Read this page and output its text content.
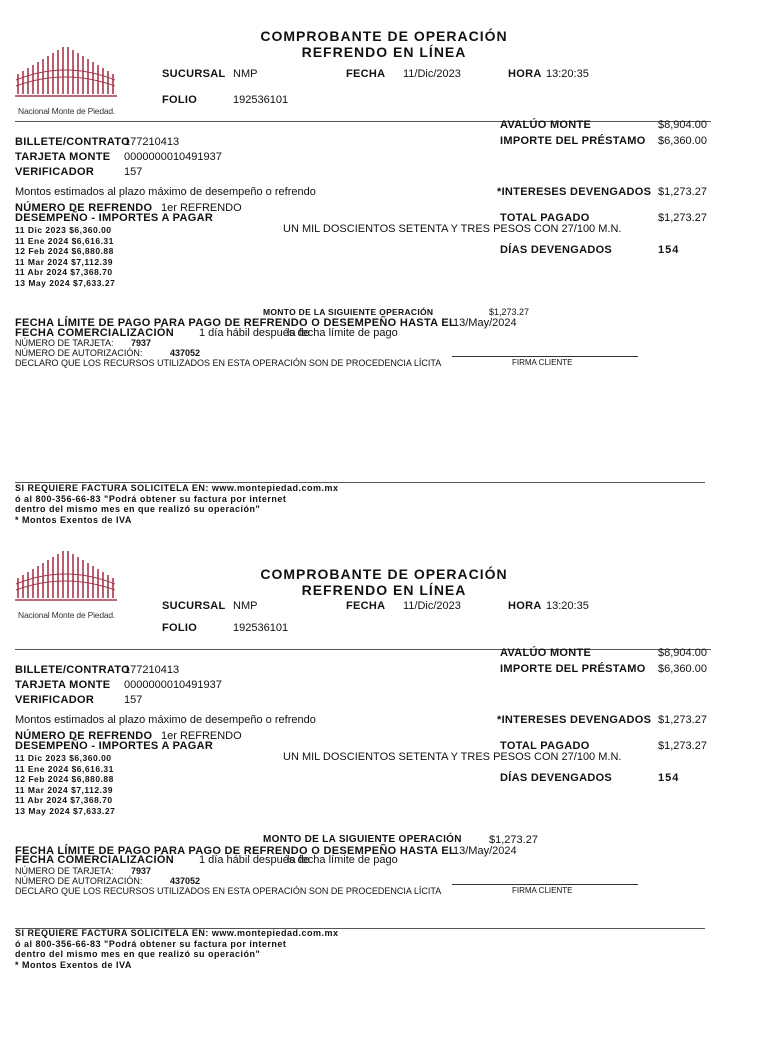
Nacional Monte de Piedad.
COMPROBANTE DE OPERACIÓN
REFRENDO EN LÍNEA
SUCURSAL NMP	FECHA 11/Dic/2023	HORA 13:20:35
FOLIO	192536101
AVALÚO MONTE	$8,904.00
IMPORTE DEL PRÉSTAMO $6,360.00
BILLETE/CONTRATO
177210413
TARJETA MONTE 0000000010491937
VERIFICADOR	157
Montos estimados al plazo máximo de desempeño o refrendo	*INTERESES DEVENGADOS $1,273.27
NÚMERO DE REFRENDO 1er REFRENDO
DESEMPEÑO - IMPORTES A PAGAR	TOTAL PAGADO	$1,273.27
UN MIL DOSCIENTOS SETENTA Y TRES PESOS CON 27/100 M.N.
11 Dic 2023 $6,360.00
11 Ene 2024 $6,616.31
12 Feb 2024 $6,880.88
11 Mar 2024 $7,112.39
11 Abr 2024 $7,368.70
13 May 2024 $7,633.27
DÍAS DEVENGADOS	154
MONTO DE LA SIGUIENTE OPERACIÓN	$1,273.27
FECHA LÍMITE DE PAGO PARA PAGO DE REFRENDO O DESEMPEÑO HASTA EL
13/May/2024
FECHA COMERCIALIZACIÓN 1 día hábil después de
la fecha límite de pago
NÚMERO DE TARJETA: 7937
NÚMERO DE AUTORIZACIÓN:	437052
DECLARO QUE LOS RECURSOS UTILIZADOS EN ESTA OPERACIÓN SON DE PROCEDENCIA LÍCITA	FIRMA CLIENTE
SI REQUIERE FACTURA SOLICITELA EN: www.montepiedad.com.mx
ó al 800-356-66-83 "Podrá obtener su factura por internet
dentro del mismo mes en que realizó su operación"
* Montos Exentos de IVA
Nacional Monte de Piedad.
COMPROBANTE DE OPERACIÓN
REFRENDO EN LÍNEA
SUCURSAL NMP	FECHA 11/Dic/2023	HORA 13:20:35
FOLIO	192536101
AVALÚO MONTE	$8,904.00
IMPORTE DEL PRÉSTAMO $6,360.00
BILLETE/CONTRATO
177210413
TARJETA MONTE 0000000010491937
VERIFICADOR	157
Montos estimados al plazo máximo de desempeño o refrendo	*INTERESES DEVENGADOS $1,273.27
NÚMERO DE REFRENDO 1er REFRENDO
DESEMPEÑO - IMPORTES A PAGAR	TOTAL PAGADO	$1,273.27
UN MIL DOSCIENTOS SETENTA Y TRES PESOS CON 27/100 M.N.
11 Dic 2023 $6,360.00
11 Ene 2024 $6,616.31
12 Feb 2024 $6,880.88
11 Mar 2024 $7,112.39
11 Abr 2024 $7,368.70
13 May 2024 $7,633.27
DÍAS DEVENGADOS	154
MONTO DE LA SIGUIENTE OPERACIÓN $1,273.27
FECHA LÍMITE DE PAGO PARA PAGO DE REFRENDO O DESEMPEÑO HASTA EL
13/May/2024
FECHA COMERCIALIZACIÓN 1 día hábil después de
la fecha límite de pago
NÚMERO DE TARJETA: 7937
NÚMERO DE AUTORIZACIÓN:	437052
DECLARO QUE LOS RECURSOS UTILIZADOS EN ESTA OPERACIÓN SON DE PROCEDENCIA LÍCITA	FIRMA CLIENTE
SI REQUIERE FACTURA SOLICITELA EN: www.montepiedad.com.mx
ó al 800-356-66-83 "Podrá obtener su factura por internet
dentro del mismo mes en que realizó su operación"
* Montos Exentos de IVA
